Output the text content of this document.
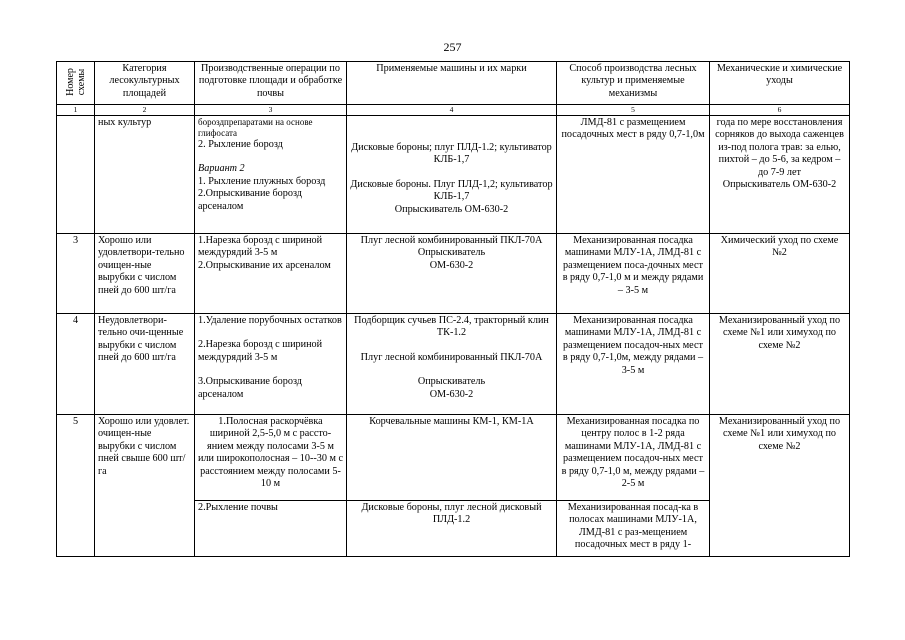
257
Номер схемы	Категория лесокультурных площадей	Производственные операции по подготовке площади и обработке почвы	Применяемые машины и их марки	Способ производства лесных культур и применяемые механизмы	Механические и химические уходы
1	2	3	4	5	6
	ных культур	бороздпрепаратами на основе глифосата
2. Рыхление борозд
Вариант 2
1. Рыхление плужных борозд
2.Опрыскивание борозд арсеналом	Дисковые бороны; плуг ПЛД-1.2; культиватор КЛБ-1,7
Дисковые бороны. Плуг ПЛД-1,2; культиватор КЛБ-1,7
Опрыскиватель ОМ-630-2	ЛМД-81 с размещением посадочных мест в ряду 0,7-1,0м	года по мере восстановления сорняков до выхода саженцев из-под полога трав: за елью, пихтой – до 5-6, за кедром – до 7-9 лет
Опрыскиватель ОМ-630-2

3	Хорошо или удовлетвори-тельно очищен-ные вырубки с числом пней до 600 шт/га	1.Нарезка борозд с шириной междурядий 3-5 м
2.Опрыскивание их арсеналом	Плуг лесной комбинированный ПКЛ-70А
Опрыскиватель
ОМ-630-2	Механизированная посадка машинами МЛУ-1А, ЛМД-81 с размещением поса-дочных мест в ряду 0,7-1,0 м и между рядами – 3-5 м	Химический уход по схеме №2
4	Неудовлетвори-тельно очи-щенные вырубки с числом пней до 600 шт/га	1.Удаление порубочных остатков
2.Нарезка борозд с шириной междурядий 3-5 м
3.Опрыскивание борозд арсеналом	Подборщик сучьев ПС-2.4, тракторный клин ТК-1.2
Плуг лесной комбинированный ПКЛ-70А
Опрыскиватель
ОМ-630-2	Механизированная посадка машинами МЛУ-1А, ЛМД-81 с размещением посадоч-ных мест в ряду 0,7-1,0м, между рядами – 3-5 м	Механизированный уход по схеме №1 или химуход по схеме №2
5	Хорошо или удовлет. очищен-ные вырубки с числом пней свыше 600 шт/га	1.Полосная раскорчёвка шириной 2,5-5,0 м с рассто-янием между полосами 3-5 м или широкополосная – 10--30 м с расстоянием между полосами 5-10 м	Корчевальные машины КМ-1, КМ-1А	Механизированная посадка по центру полос в 1-2 ряда машинами МЛУ-1А, ЛМД-81 с размещением посадоч-ных мест в ряду 0,7-1,0 м, между рядами – 2-5 м	Механизированный уход по схеме №1 или химуход по схеме №2
		2.Рыхление почвы	Дисковые бороны, плуг лесной дисковый ПЛД-1.2	Механизированная посад-ка в полосах машинами МЛУ-1А, ЛМД-81 с раз-мещением посадочных мест в ряду 1-	
